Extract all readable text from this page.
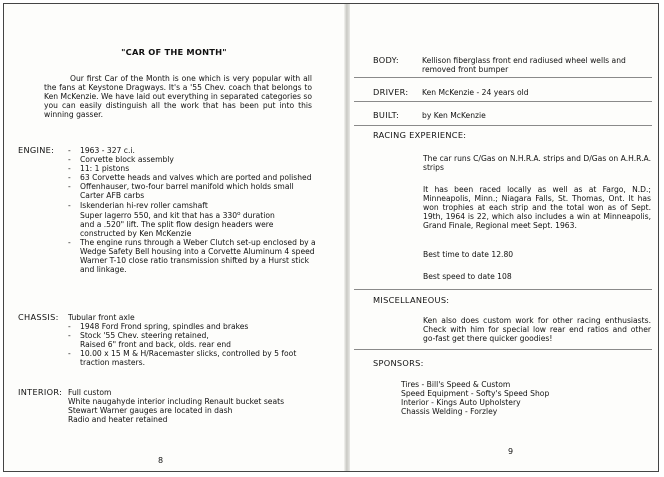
"CAR OF THE MONTH"
Our first Car of the Month is one which is very popular with all the fans at Keystone Dragways. It's a '55 Chev. coach that belongs to Ken McKenzie. We have laid out everything in separated categories so you can easily distinguish all the work that has been put into this winning gasser.
ENGINE: - 1963 - 327 c.i.
- Corvette block assembly
- 11: 1 pistons
- 63 Corvette heads and valves which are ported and polished
- Offenhauser, two-four barrel manifold which holds small Carter AFB carbs
- Iskenderian hi-rev roller camshaft
Super lagerro 550, and kit that has a 330$^o$ duration
and a .520" lift. The split flow design headers were constructed by Ken McKenzie
- The engine runs through a Weber Clutch set-up enclosed by a Wedge Safety Bell housing into a Corvette Aluminum 4 speed Warner T-10 close ratio transmission shifted by a Hurst stick and linkage.
CHASSIS: Tubular front axle
- 1948 Ford Frond spring, spindles and brakes
- Stock '55 Chev. steering retained,
Raised 6" front and back, olds. rear end
- 10.00 x 15 M & H/Racemaster slicks, controlled by 5 foot traction masters.
INTERIOR: Full custom
White naugahyde interior including Renault bucket seats
Stewart Warner gauges are located in dash
Radio and heater retained
8
BODY:	Kellison fiberglass front end radiused wheel wells and removed front bumper
DRIVER: Ken McKenzie - 24 years old
BUILT:	by Ken McKenzie
RACING EXPERIENCE:
The car runs C/Gas on N.H.R.A. strips and D/Gas on A.H.R.A. strips
It has been raced locally as well as at Fargo, N.D.; Minneapolis, Minn.; Niagara Falls, St. Thomas, Ont. It has won trophies at each strip and the total won as of Sept. 19th, 1964 is 22, which also includes a win at Minneapolis, Grand Finale, Regional meet Sept. 1963.
Best time to date 12.80
Best speed to date 108
MISCELLANEOUS:
Ken also does custom work for other racing enthusiasts. Check with him for special low rear end ratios and other go-fast get there quicker goodies!
SPONSORS:
Tires - Bill's Speed & Custom
Speed Equipment - Softy's Speed Shop
Interior - Kings Auto Upholstery
Chassis Welding - Forzley
9
